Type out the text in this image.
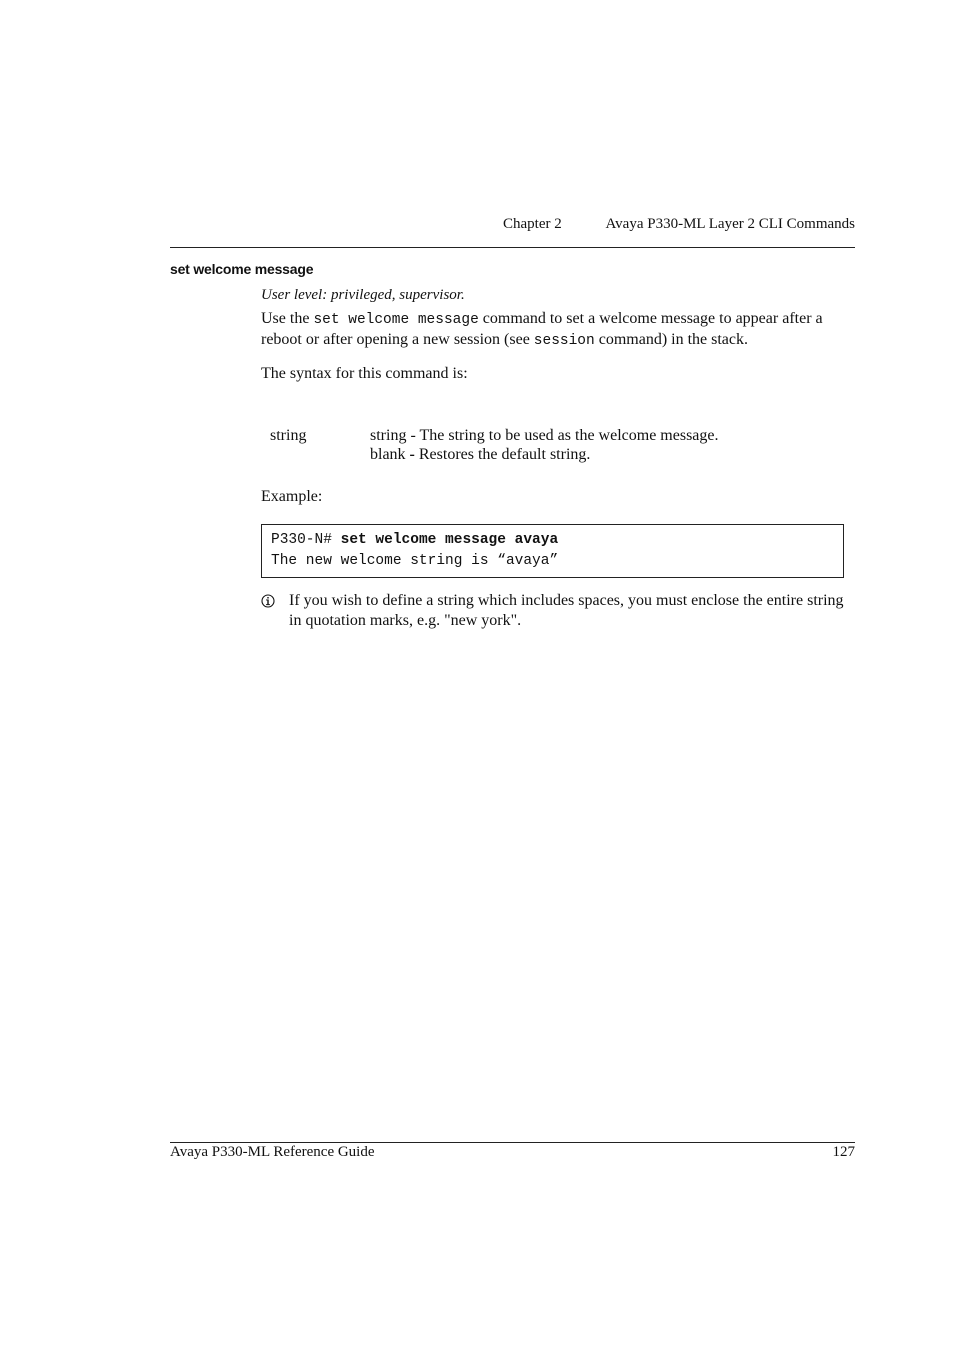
Chapter 2	Avaya P330-ML Layer 2 CLI Commands
set welcome message
User level: privileged, supervisor.
Use the set welcome message command to set a welcome message to appear after a reboot or after opening a new session (see session command) in the stack.
The syntax for this command is:
string	string - The string to be used as the welcome message.
blank - Restores the default string.
Example:
P330-N# set welcome message avaya
The new welcome string is “avaya”
If you wish to define a string which includes spaces, you must enclose the entire string in quotation marks, e.g. "new york".
Avaya P330-ML Reference Guide	127
